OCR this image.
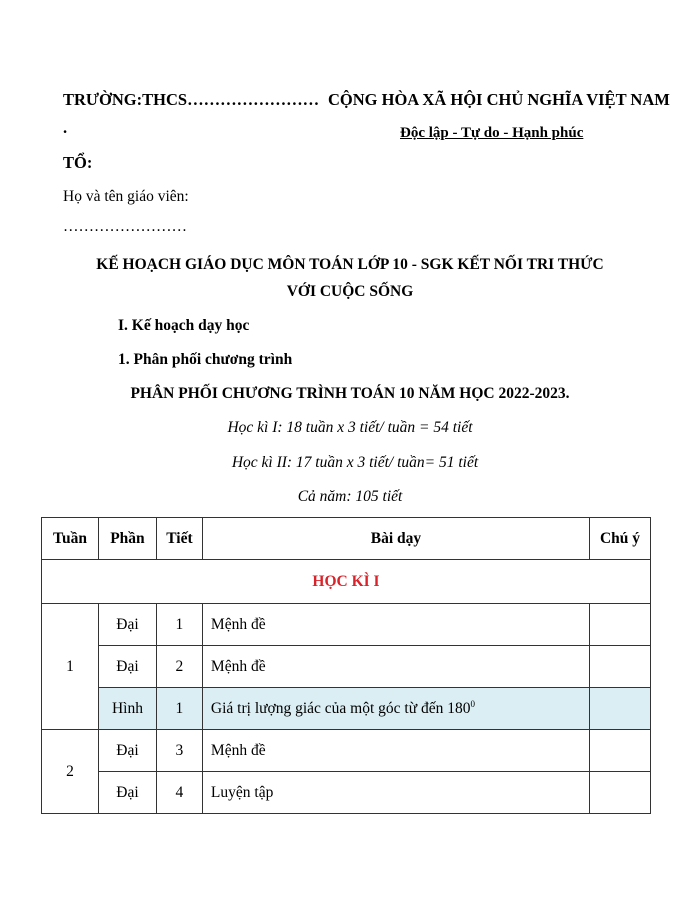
TRƯỜNG:THCS……………………
.
CỘNG HÒA XÃ HỘI CHỦ NGHĨA VIỆT NAM
Độc lập - Tự do - Hạnh phúc
TỔ:
Họ và tên giáo viên:
……………………
KẾ HOẠCH GIÁO DỤC MÔN TOÁN LỚP 10 - SGK KẾT NỐI TRI THỨC
VỚI CUỘC SỐNG
I. Kế hoạch dạy học
1. Phân phối chương trình
PHÂN PHỐI CHƯƠNG TRÌNH TOÁN 10 NĂM HỌC 2022-2023.
Học kì I: 18 tuần x 3 tiết/ tuần = 54 tiết
Học kì II: 17 tuần x 3 tiết/ tuần= 51 tiết
Cả năm: 105 tiết
Tuần	Phần	Tiết	Bài dạy	Chú ý
HỌC KÌ I				
1	Đại	1	Mệnh đề	
	Đại	2	Mệnh đề	
	Hình	1	Giá trị lượng giác của một góc từ đến $180^0$	
2	Đại	3	Mệnh đề	
	Đại	4	Luyện tập	
